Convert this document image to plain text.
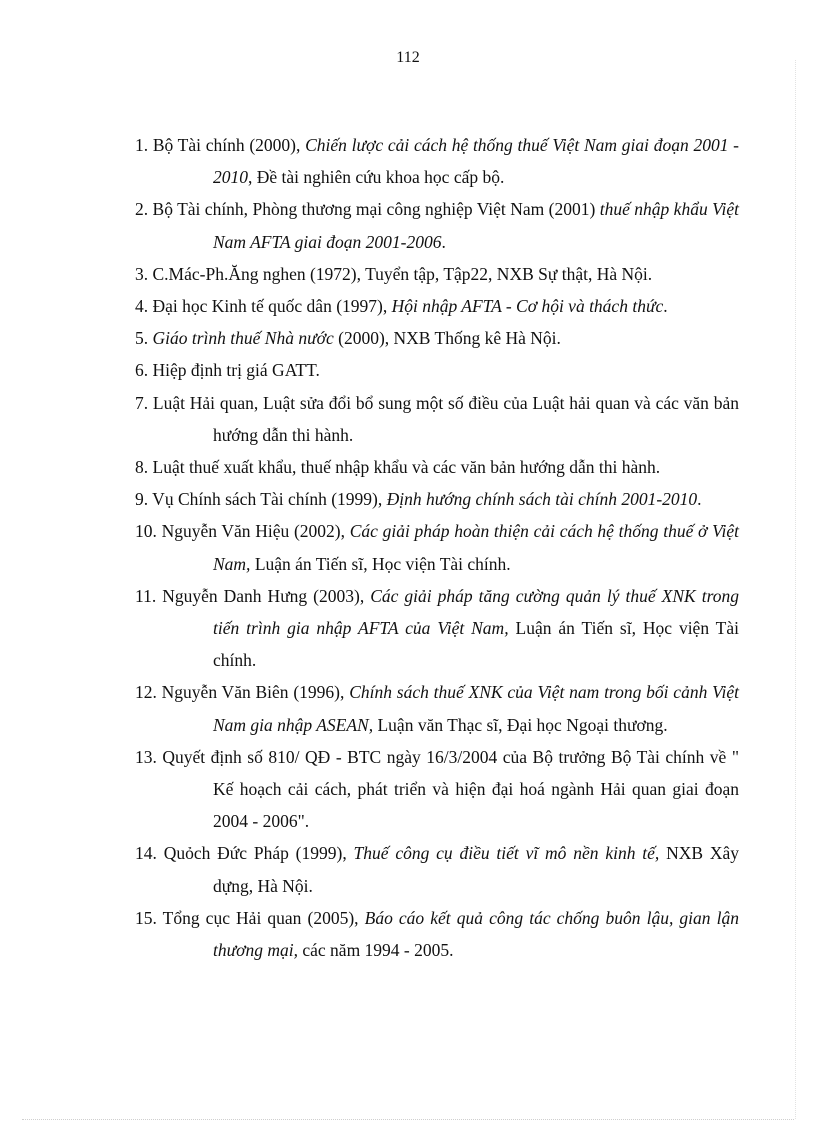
112
1. Bộ Tài chính (2000), Chiến lược cải cách hệ thống thuế Việt Nam giai đoạn 2001 - 2010, Đề tài nghiên cứu khoa học cấp bộ.
2. Bộ Tài chính, Phòng thương mại công nghiệp Việt Nam (2001) thuế nhập khẩu Việt Nam AFTA giai đoạn 2001-2006.
3. C.Mác-Ph.Ăng nghen (1972), Tuyển tập, Tập22, NXB Sự thật, Hà Nội.
4. Đại học Kinh tế quốc dân (1997), Hội nhập AFTA - Cơ hội và thách thức.
5. Giáo trình thuế Nhà nước (2000), NXB Thống kê Hà Nội.
6. Hiệp định trị giá GATT.
7. Luật Hải quan, Luật sửa đổi bổ sung một số điều của Luật hải quan và các văn bản hướng dẫn thi hành.
8. Luật thuế xuất khẩu, thuế nhập khẩu và các văn bản hướng dẫn thi hành.
9. Vụ Chính sách Tài chính (1999), Định hướng chính sách tài chính 2001-2010.
10. Nguyễn Văn Hiệu (2002), Các giải pháp hoàn thiện cải cách hệ thống thuế ở Việt Nam, Luận án Tiến sĩ, Học viện Tài chính.
11. Nguyễn Danh Hưng (2003), Các giải pháp tăng cường quản lý thuế XNK trong tiến trình gia nhập AFTA của Việt Nam, Luận án Tiến sĩ, Học viện Tài chính.
12. Nguyễn Văn Biên (1996), Chính sách thuế XNK của Việt nam trong bối cảnh Việt Nam gia nhập ASEAN, Luận văn Thạc sĩ, Đại học Ngoại thương.
13. Quyết định số 810/ QĐ - BTC ngày 16/3/2004 của Bộ trưởng Bộ Tài chính về " Kế hoạch cải cách, phát triển và hiện đại hoá ngành Hải quan giai đoạn 2004 - 2006".
14. Quỏch Đức Pháp (1999), Thuế công cụ điều tiết vĩ mô nền kinh tế, NXB Xây dựng, Hà Nội.
15. Tổng cục Hải quan (2005), Báo cáo kết quả công tác chống buôn lậu, gian lận thương mại, các năm 1994 - 2005.
